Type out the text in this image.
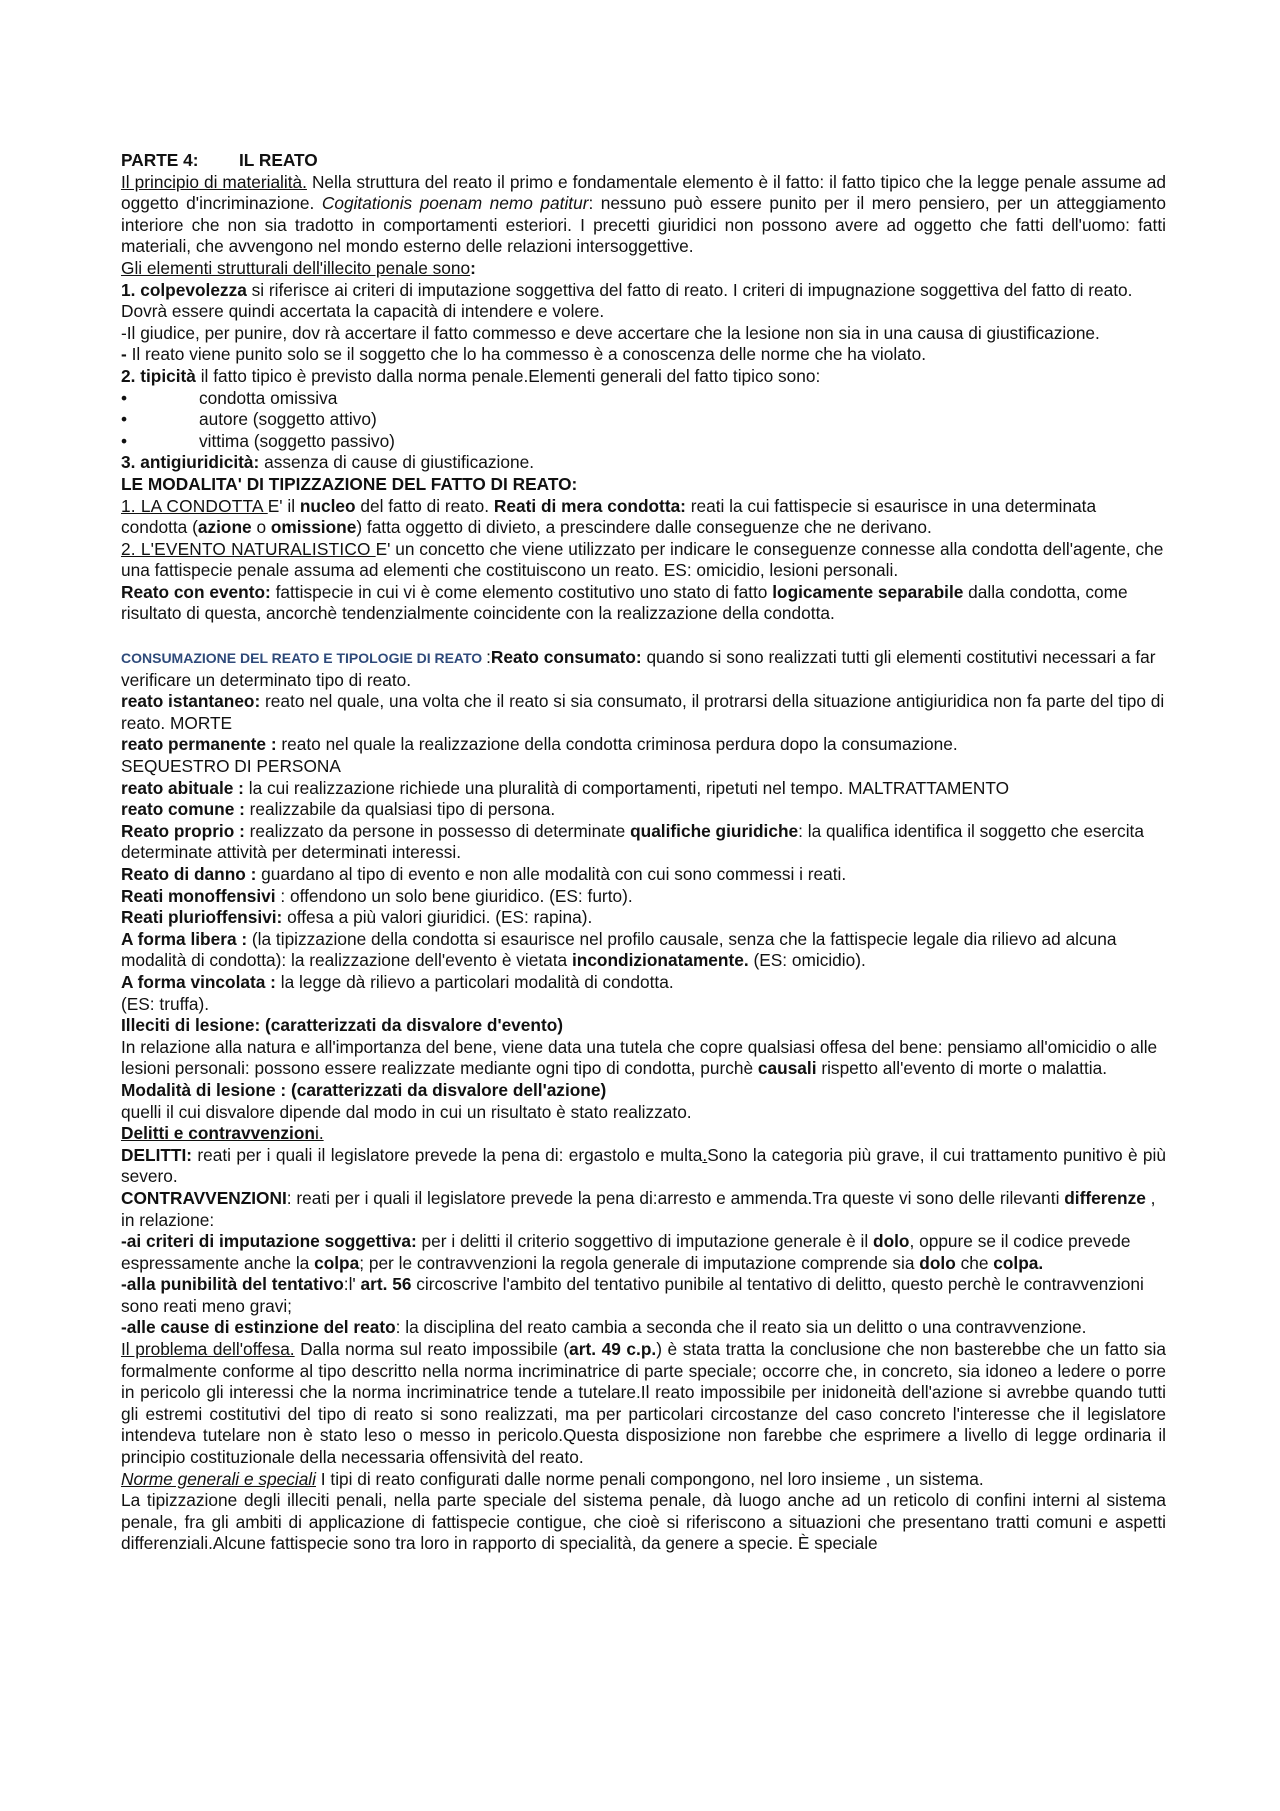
PARTE 4: IL REATO

Il principio di materialità. Nella struttura del reato il primo e fondamentale elemento è il fatto: il fatto tipico che la legge penale assume ad oggetto d'incriminazione. Cogitationis poenam nemo patitur: nessuno può essere punito per il mero pensiero, per un atteggiamento interiore che non sia tradotto in comportamenti esteriori. I precetti giuridici non possono avere ad oggetto che fatti dell'uomo: fatti materiali, che avvengono nel mondo esterno delle relazioni intersoggettive.

Gli elementi strutturali dell'illecito penale sono:

1. colpevolezza si riferisce ai criteri di imputazione soggettiva del fatto di reato. I criteri di impugnazione soggettiva del fatto di reato. Dovrà essere quindi accertata la capacità di intendere e volere.

-Il giudice, per punire, dov rà accertare il fatto commesso e deve accertare che la lesione non sia in una causa di giustificazione.

- Il reato viene punito solo se il soggetto che lo ha commesso è a conoscenza delle norme che ha violato.

2. tipicità il fatto tipico è previsto dalla norma penale.Elementi generali del fatto tipico sono:

•	condotta omissiva
•	autore (soggetto attivo)
•	vittima (soggetto passivo)

3. antigiuridicità: assenza di cause di giustificazione.

LE MODALITA' DI TIPIZZAZIONE DEL FATTO DI REATO:

1. LA CONDOTTA E' il nucleo del fatto di reato. Reati di mera condotta: reati la cui fattispecie si esaurisce in una determinata condotta (azione o omissione) fatta oggetto di divieto, a prescindere dalle conseguenze che ne derivano.

2. L'EVENTO NATURALISTICO E' un concetto che viene utilizzato per indicare le conseguenze connesse alla condotta dell'agente, che una fattispecie penale assuma ad elementi che costituiscono un reato. ES: omicidio, lesioni personali.

Reato con evento: fattispecie in cui vi è come elemento costitutivo uno stato di fatto logicamente separabile dalla condotta, come risultato di questa, ancorchè tendenzialmente coincidente con la realizzazione della condotta.

CONSUMAZIONE DEL REATO E TIPOLOGIE DI REATO :Reato consumato: quando si sono realizzati tutti gli elementi costitutivi necessari a far verificare un determinato tipo di reato.

reato istantaneo: reato nel quale, una volta che il reato si sia consumato, il protrarsi della situazione antigiuridica non fa parte del tipo di reato. MORTE

reato permanente : reato nel quale la realizzazione della condotta criminosa perdura dopo la consumazione.

SEQUESTRO DI PERSONA

reato abituale : la cui realizzazione richiede una pluralità di comportamenti, ripetuti nel tempo. MALTRATTAMENTO

reato comune : realizzabile da qualsiasi tipo di persona.

Reato proprio : realizzato da persone in possesso di determinate qualifiche giuridiche: la qualifica identifica il soggetto che esercita determinate attività per determinati interessi.

Reato di danno : guardano al tipo di evento e non alle modalità con cui sono commessi i reati.

Reati monoffensivi : offendono un solo bene giuridico. (ES: furto).

Reati plurioffensivi: offesa a più valori giuridici. (ES: rapina).

A forma libera : (la tipizzazione della condotta si esaurisce nel profilo causale, senza che la fattispecie legale dia rilievo ad alcuna modalità di condotta): la realizzazione dell'evento è vietata incondizionatamente. (ES: omicidio).

A forma vincolata : la legge dà rilievo a particolari modalità di condotta.

(ES: truffa).

Illeciti di lesione: (caratterizzati da disvalore d'evento)

In relazione alla natura e all'importanza del bene, viene data una tutela che copre qualsiasi offesa del bene: pensiamo all'omicidio o alle lesioni personali: possono essere realizzate mediante ogni tipo di condotta, purchè causali rispetto all'evento di morte o malattia. Modalità di lesione : (caratterizzati da disvalore dell'azione)

quelli il cui disvalore dipende dal modo in cui un risultato è stato realizzato.

Delitti e contravvenzioni.

DELITTI: reati per i quali il legislatore prevede la pena di: ergastolo e multa.Sono la categoria più grave, il cui trattamento punitivo è più severo.

CONTRAVVENZIONI: reati per i quali il legislatore prevede la pena di:arresto e ammenda.Tra queste vi sono delle rilevanti differenze , in relazione:

-ai criteri di imputazione soggettiva: per i delitti il criterio soggettivo di imputazione generale è il dolo, oppure se il codice prevede espressamente anche la colpa; per le contravvenzioni la regola generale di imputazione comprende sia dolo che colpa.

-alla punibilità del tentativo:l' art. 56 circoscrive l'ambito del tentativo punibile al tentativo di delitto, questo perchè le contravvenzioni sono reati meno gravi;

-alle cause di estinzione del reato: la disciplina del reato cambia a seconda che il reato sia un delitto o una contravvenzione.

Il problema dell'offesa. Dalla norma sul reato impossibile (art. 49 c.p.) è stata tratta la conclusione che non basterebbe che un fatto sia formalmente conforme al tipo descritto nella norma incriminatrice di parte speciale; occorre che, in concreto, sia idoneo a ledere o porre in pericolo gli interessi che la norma incriminatrice tende a tutelare.Il reato impossibile per inidoneità dell'azione si avrebbe quando tutti gli estremi costitutivi del tipo di reato si sono realizzati, ma per particolari circostanze del caso concreto l'interesse che il legislatore intendeva tutelare non è stato leso o messo in pericolo.Questa disposizione non farebbe che esprimere a livello di legge ordinaria il principio costituzionale della necessaria offensività del reato.

Norme generali e speciali I tipi di reato configurati dalle norme penali compongono, nel loro insieme , un sistema.

La tipizzazione degli illeciti penali, nella parte speciale del sistema penale, dà luogo anche ad un reticolo di confini interni al sistema penale, fra gli ambiti di applicazione di fattispecie contigue, che cioè si riferiscono a situazioni che presentano tratti comuni e aspetti differenziali.Alcune fattispecie sono tra loro in rapporto di specialità, da genere a specie. È speciale
